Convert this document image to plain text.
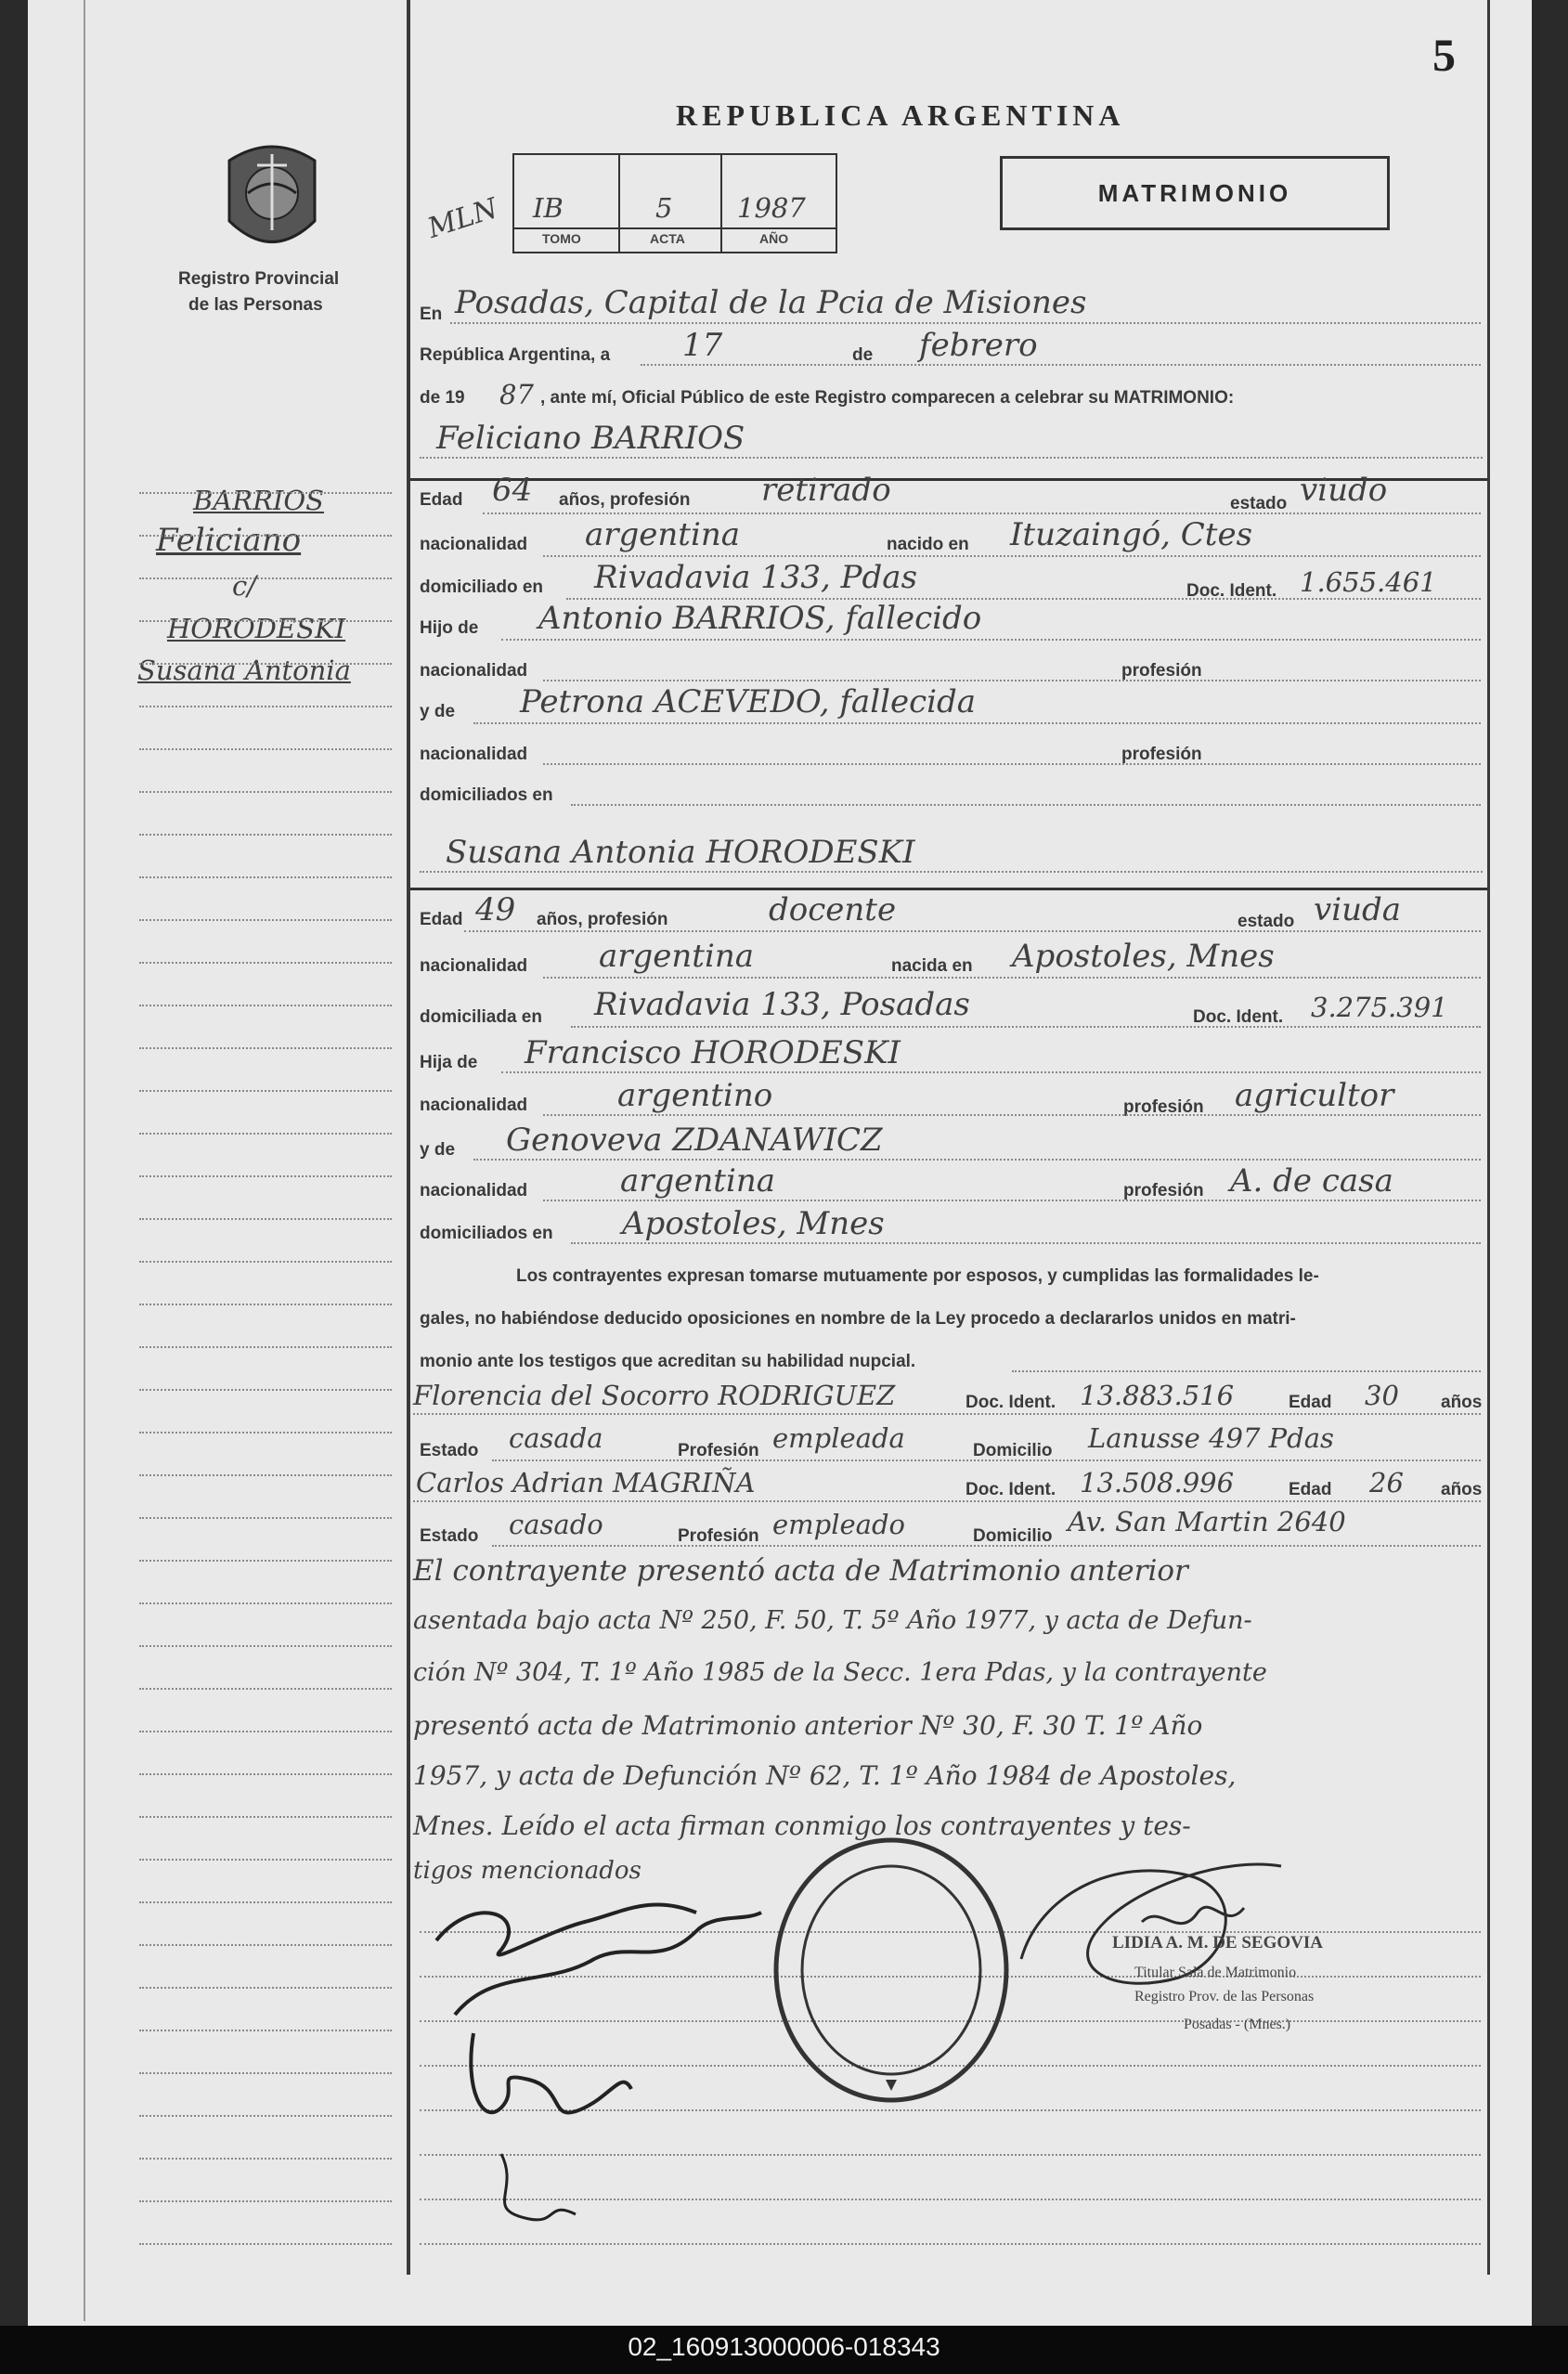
5
REPUBLICA ARGENTINA
MATRIMONIO
Registro Provincial
de las Personas
MLN IB	5 1987
TOMO	ACTA	AÑO
BARRIOS
Feliciano
c/
HORODESKI
Susana Antonia
En Posadas, Capital de la Pcia de Misiones
República Argentina, a 17	de febrero
de 19 87 , ante mí, Oficial Público de este Registro comparecen a celebrar su MATRIMONIO:
Feliciano BARRIOS
Edad 64 años, profesión retirado	estado viudo
nacionalidad argentina	nacido en Ituzaingó, Ctes
domiciliado en Rivadavia 133, Pdas	Doc. Ident. 1.655.461
Hijo de Antonio BARRIOS, fallecido
nacionalidad	profesión
y de Petrona ACEVEDO, fallecida
nacionalidad	profesión
domiciliados en
Susana Antonia HORODESKI
Edad 49 años, profesión	docente	estado viuda
nacionalidad argentina	nacida en Apostoles, Mnes
domiciliada en Rivadavia 133, Posadas	Doc. Ident. 3.275.391
Hija de Francisco HORODESKI
nacionalidad	argentino	profesión agricultor
y de Genoveva ZDANAWICZ
nacionalidad	argentina	profesión A. de casa
domiciliados en Apostoles, Mnes
Los contrayentes expresan tomarse mutuamente por esposos, y cumplidas las formalidades le-
gales, no habiéndose deducido oposiciones en nombre de la Ley procedo a declararlos unidos en matri-
monio ante los testigos que acreditan su habilidad nupcial.
Florencia del Socorro RODRIGUEZ	Doc. Ident. 13.883.516	Edad 30 años
Estado casada	Profesión empleada	Domicilio Lanusse 497 Pdas
Carlos Adrian MAGRIÑA	Doc. Ident. 13.508.996	Edad 26 años
Estado casado	Profesión empleado	Domicilio Av. San Martin 2640
El contrayente presentó acta de Matrimonio anterior
asentada bajo acta Nº 250, F. 50, T. 5º Año 1977, y acta de Defun-
ción Nº 304, T. 1º Año 1985 de la Secc. 1era Pdas, y la contrayente
presentó acta de Matrimonio anterior Nº 30, F. 30 T. 1º Año
1957, y acta de Defunción Nº 62, T. 1º Año 1984 de Apostoles,
Mnes. Leído el acta firman conmigo los contrayentes y tes-
tigos mencionados
LIDIA A. M. DE SEGOVIA
Titular Sala de Matrimonio
Registro Prov. de las Personas
Posadas - (Mnes.)
02_160913000006-018343
